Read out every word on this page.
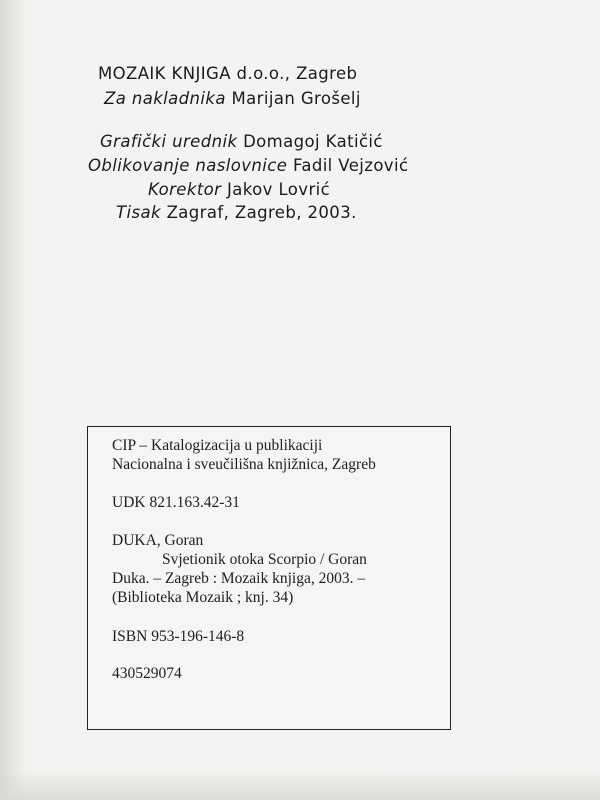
MOZAIK KNJIGA d.o.o., Zagreb
Za nakladnika Marijan Grošelj
Grafički urednik Domagoj Katičić
Oblikovanje naslovnice Fadil Vejzović
Korektor Jakov Lovrić
Tisak Zagraf, Zagreb, 2003.
CIP – Katalogizacija u publikaciji
Nacionalna i sveučilišna knjižnica, Zagreb
UDK 821.163.42-31
DUKA, Goran
Svjetionik otoka Scorpio / Goran
Duka. – Zagreb : Mozaik knjiga, 2003. –
(Biblioteka Mozaik ; knj. 34)
ISBN 953-196-146-8
430529074
